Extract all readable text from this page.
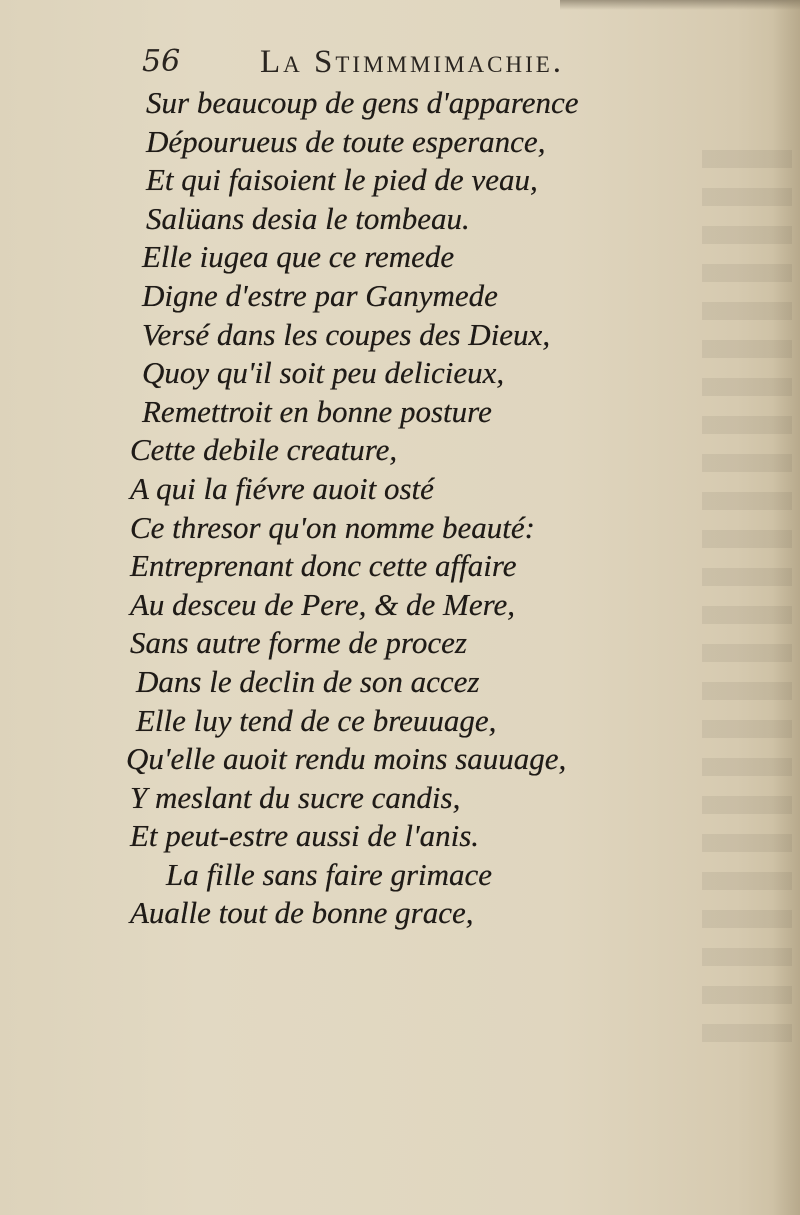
56 La Stimmmimachie.
Sur beaucoup de gens d'apparence
Dépourueus de toute esperance,
Et qui faisoient le pied de veau,
Salüans desia le tombeau.
Elle iugea que ce remede
Digne d'estre par Ganymede
Versé dans les coupes des Dieux,
Quoy qu'il soit peu delicieux,
Remettroit en bonne posture
Cette debile creature,
A qui la fiévre auoit osté
Ce thresor qu'on nomme beauté:
Entreprenant donc cette affaire
Au desceu de Pere, & de Mere,
Sans autre forme de procez
Dans le declin de son accez
Elle luy tend de ce breuuage,
Qu'elle auoit rendu moins sauuage,
Y meslant du sucre candis,
Et peut-estre aussi de l'anis.
La fille sans faire grimace
Aualle tout de bonne grace,
